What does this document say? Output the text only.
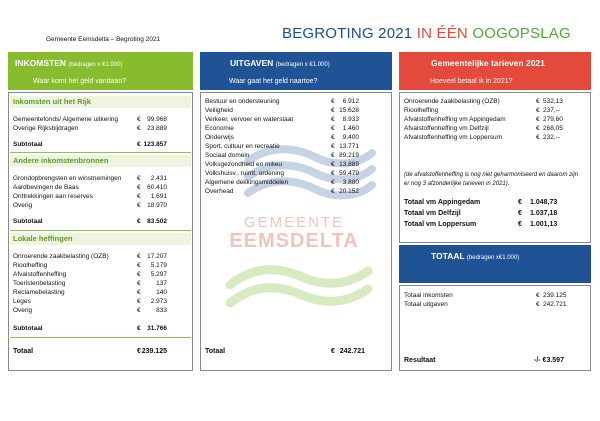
Gemeente Eemsdelta – Begroting 2021	BEGROTING 2021 IN ÉÉN OOGOPSLAG
GEMEENTE
EEMSDELTA
INKOMSTEN (bedragen x €1.000)
Waar komt het geld vandaan?
Inkomsten uit het Rijk
Gemeentefonds/ Algemene uitkering	€ 99.968
Overige Rijksbijdragen	€ 23.889
Subtotaal	€ 123.857
Andere inkomstenbronnen
Grondopbrengsten en winstnemingen € 2.431
Aardbevingen de Baas	€ 60.410
Onttrekkingen aan reserves	€ 1.691
Overig	€ 18.970
Subtotaal	€ 83.502
Lokale heffingen
Onroerende zaakbelasting (OZB)	€ 17.207
Rioolheffing	€ 5.179
Afvalstoffenheffing	€ 5.297
Toeristenbelasting	€ 137
Reclamebelasting	€ 140
Leges	€ 2.973
Overig	€ 833
Subtotaal	€ 31.766
Totaal	€ 239.125
UITGAVEN (bedragen x €1.000)
Waar gaat het geld naartoe?
Bestuur en ondersteuning	€ 6.912
Veiligheid	€ 15.628
Verkeer, vervoer en waterstaat	€ 8.933
Economie	€ 1.460
Onderwijs	€ 9.400
Sport, cultuur en recreatie	€ 13.771
Sociaal domein	€ 89.219
Volksgezondheid en milieu	€ 13.889
Volkshuisv., ruimt. ordening	€ 59.479
Algemene dekkingsmiddelen	€ 3.880
Overhead	€ 20.152
Totaal	€ 242.721
Gemeentelijke tarieven 2021
Hoeveel betaal ik in 2021?
Onroerende zaakbelasting (OZB)	€ 532,13
Rioolheffing	€ 237,--
Afvalstoffenheffing vm Appingedam	€ 279,60
Afvalstoffenheffing vm Delfzijl	€ 268,05
Afvalstoffenheffing vm Loppersum	€ 232,--
(de afvalstoffenheffing is nog niet geharmoniseerd en daarom zijn er nog 3 afzonderlijke tarieven in 2021).
Totaal vm Appingedam	€ 1.048,73
Totaal vm Delfzijl	€ 1.037,18
Totaal vm Loppersum	€ 1.001,13
TOTAAL (bedragen x€1.000)
Totaal inkomsten	€ 239.125
Totaal uitgaven	€ 242.721
Resultaat	-/- €3.597
